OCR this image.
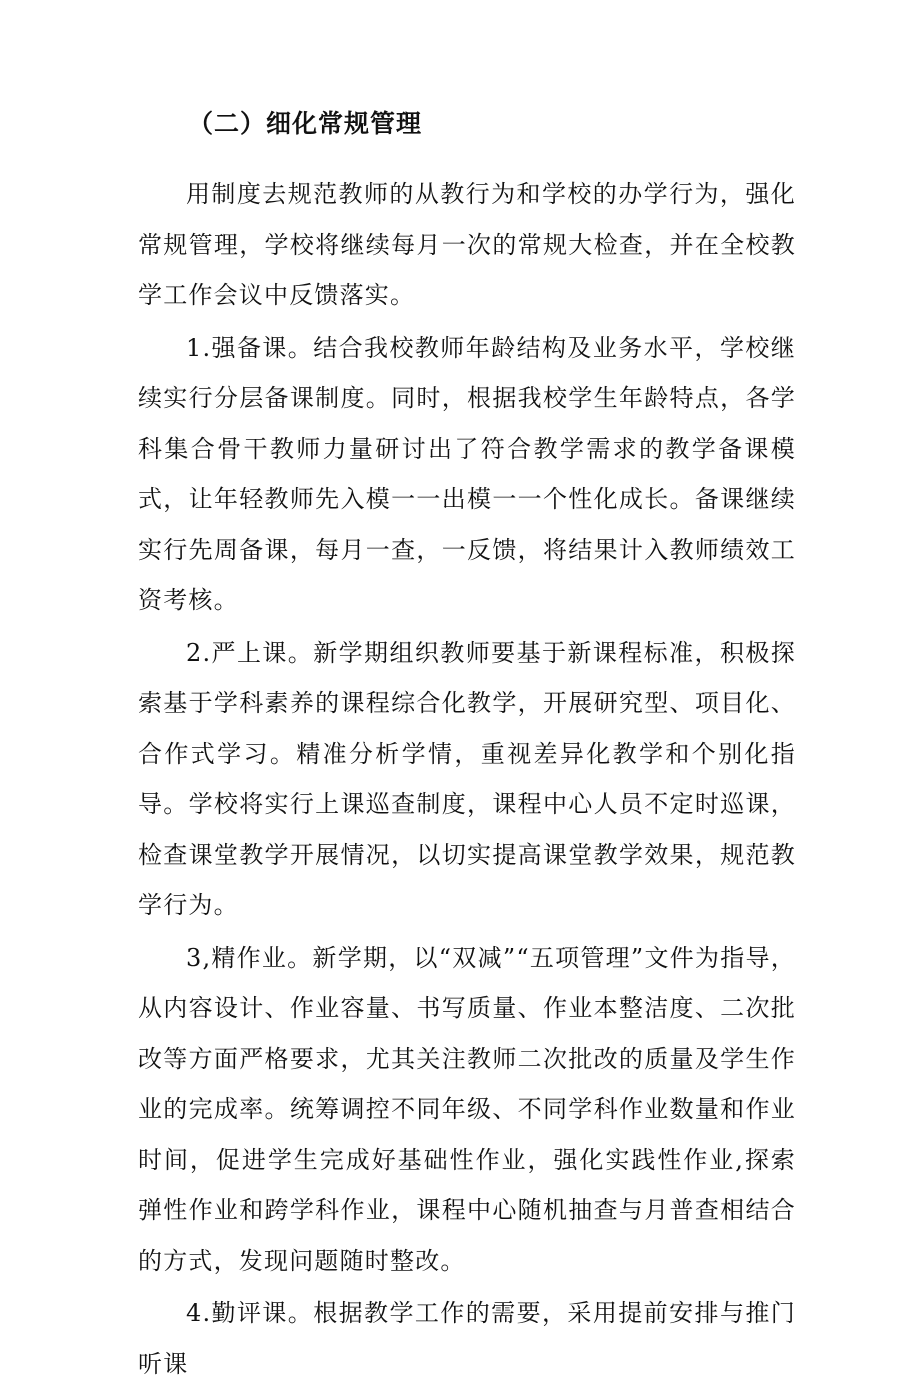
（二）细化常规管理

用制度去规范教师的从教行为和学校的办学行为，强化常规管理，学校将继续每月一次的常规大检查，并在全校教学工作会议中反馈落实。

1.强备课。结合我校教师年龄结构及业务水平，学校继续实行分层备课制度。同时，根据我校学生年龄特点，各学科集合骨干教师力量研讨出了符合教学需求的教学备课模式，让年轻教师先入模一一出模一一个性化成长。备课继续实行先周备课，每月一查，一反馈，将结果计入教师绩效工资考核。

2.严上课。新学期组织教师要基于新课程标准，积极探索基于学科素养的课程综合化教学，开展研究型、项目化、合作式学习。精准分析学情，重视差异化教学和个别化指导。学校将实行上课巡查制度，课程中心人员不定时巡课，检查课堂教学开展情况，以切实提高课堂教学效果，规范教学行为。

3,精作业。新学期，以“双减”“五项管理”文件为指导，从内容设计、作业容量、书写质量、作业本整洁度、二次批改等方面严格要求，尤其关注教师二次批改的质量及学生作业的完成率。统筹调控不同年级、不同学科作业数量和作业时间，促进学生完成好基础性作业，强化实践性作业,探索弹性作业和跨学科作业，课程中心随机抽查与月普查相结合的方式，发现问题随时整改。

4.勤评课。根据教学工作的需要，采用提前安排与推门听课
